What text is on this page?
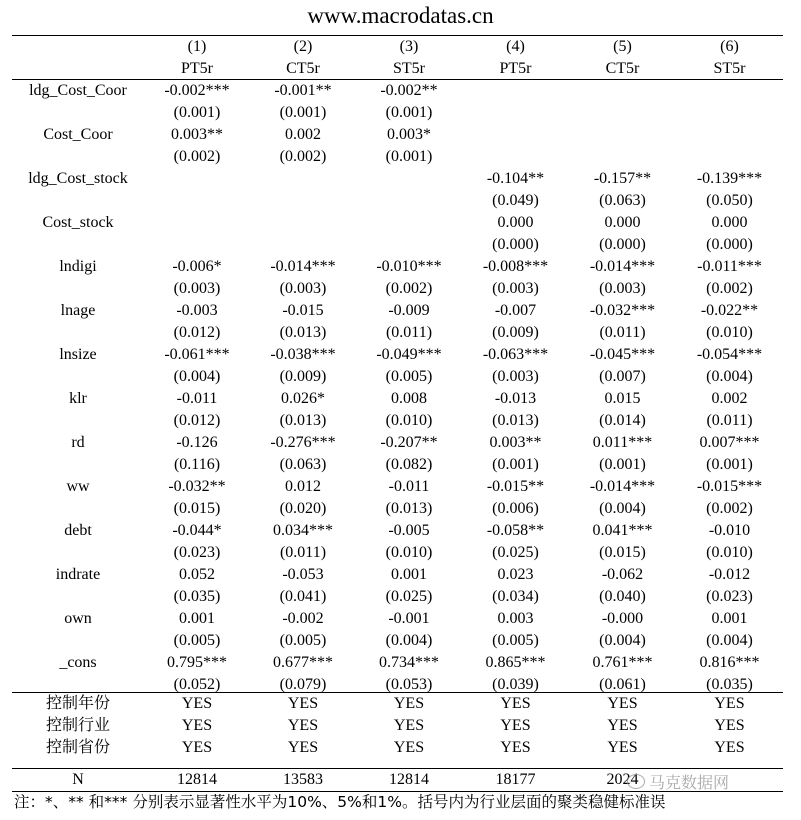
www.macrodatas.cn
	(1)	(2)	(3)	(4)	(5)	(6)
	PT5r	CT5r	ST5r	PT5r	CT5r	ST5r
ldg_Cost_Coor	-0.002***	-0.001**	-0.002**			
	(0.001)	(0.001)	(0.001)			
Cost_Coor	0.003**	0.002	0.003*			
	(0.002)	(0.002)	(0.001)			
ldg_Cost_stock				-0.104**	-0.157**	-0.139***
				(0.049)	(0.063)	(0.050)
Cost_stock				0.000	0.000	0.000
				(0.000)	(0.000)	(0.000)
lndigi	-0.006*	-0.014***	-0.010***	-0.008***	-0.014***	-0.011***
	(0.003)	(0.003)	(0.002)	(0.003)	(0.003)	(0.002)
lnage	-0.003	-0.015	-0.009	-0.007	-0.032***	-0.022**
	(0.012)	(0.013)	(0.011)	(0.009)	(0.011)	(0.010)
lnsize	-0.061***	-0.038***	-0.049***	-0.063***	-0.045***	-0.054***
	(0.004)	(0.009)	(0.005)	(0.003)	(0.007)	(0.004)
klr	-0.011	0.026*	0.008	-0.013	0.015	0.002
	(0.012)	(0.013)	(0.010)	(0.013)	(0.014)	(0.011)
rd	-0.126	-0.276***	-0.207**	0.003**	0.011***	0.007***
	(0.116)	(0.063)	(0.082)	(0.001)	(0.001)	(0.001)
ww	-0.032**	0.012	-0.011	-0.015**	-0.014***	-0.015***
	(0.015)	(0.020)	(0.013)	(0.006)	(0.004)	(0.002)
debt	-0.044*	0.034***	-0.005	-0.058**	0.041***	-0.010
	(0.023)	(0.011)	(0.010)	(0.025)	(0.015)	(0.010)
indrate	0.052	-0.053	0.001	0.023	-0.062	-0.012
	(0.035)	(0.041)	(0.025)	(0.034)	(0.040)	(0.023)
own	0.001	-0.002	-0.001	0.003	-0.000	0.001
	(0.005)	(0.005)	(0.004)	(0.005)	(0.004)	(0.004)
_cons	0.795***	0.677***	0.734***	0.865***	0.761***	0.816***
	(0.052)	(0.079)	(0.053)	(0.039)	(0.061)	(0.035)
控制年份	YES	YES	YES	YES	YES	YES
控制行业	YES	YES	YES	YES	YES	YES
控制省份	YES	YES	YES	YES	YES	YES
N	12814	13583	12814	18177	2024	马克数据网
注：*、** 和*** 分别表示显著性水平为10%、5%和1%。括号内为行业层面的聚类稳健标准误
